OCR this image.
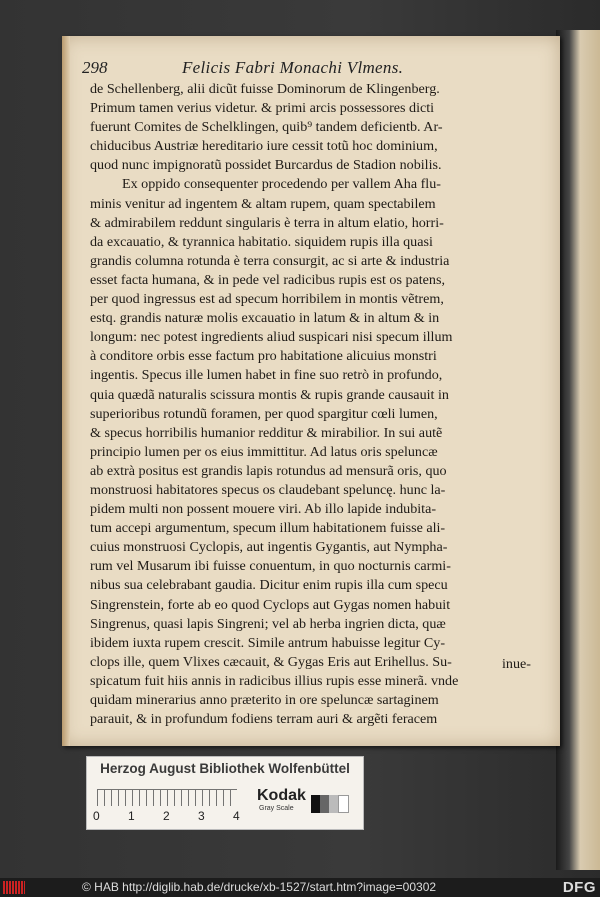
298	Felicis Fabri Monachi Vlmens.
de Schellenberg, alii dicũt fuisse Dominorum de Klingenberg.
Primum tamen verius videtur. & primi arcis possessores dicti
fuerunt Comites de Schelklingen, quib⁹ tandem deficientb. Ar-
chiducibus Austriæ hereditario iure cessit totũ hoc dominium,
quod nunc impignoratũ possidet Burcardus de Stadion nobilis.
Ex oppido consequenter procedendo per vallem Aha flu-
minis venitur ad ingentem & altam rupem, quam spectabilem
& admirabilem reddunt singularis è terra in altum elatio, horri-
da excauatio, & tyrannica habitatio. siquidem rupis illa quasi
grandis columna rotunda è terra consurgit, ac si arte & industria
esset facta humana, & in pede vel radicibus rupis est os patens,
per quod ingressus est ad specum horribilem in montis vẽtrem,
estq. grandis naturæ molis excauatio in latum & in altum & in
longum: nec potest ingredients aliud suspicari nisi specum illum
à conditore orbis esse factum pro habitatione alicuius monstri
ingentis. Specus ille lumen habet in fine suo retrò in profundo,
quia quædã naturalis scissura montis & rupis grande causauit in
superioribus rotundũ foramen, per quod spargitur cœli lumen,
& specus horribilis humanior redditur & mirabilior. In sui autẽ
principio lumen per os eius immittitur. Ad latus oris speluncæ
ab extrà positus est grandis lapis rotundus ad mensurã oris, quo
monstruosi habitatores specus os claudebant speluncę. hunc la-
pidem multi non possent mouere viri. Ab illo lapide indubita-
tum accepi argumentum, specum illum habitationem fuisse ali-
cuius monstruosi Cyclopis, aut ingentis Gygantis, aut Nympha-
rum vel Musarum ibi fuisse conuentum, in quo nocturnis carmi-
nibus sua celebrabant gaudia. Dicitur enim rupis illa cum specu
Singrenstein, forte ab eo quod Cyclops aut Gygas nomen habuit
Singrenus, quasi lapis Singreni; vel ab herba ingrien dicta, quæ
ibidem iuxta rupem crescit. Simile antrum habuisse legitur Cy-
clops ille, quem Vlixes cæcauit, & Gygas Eris aut Erihellus. Su-
spicatum fuit hiis annis in radicibus illius rupis esse minerã. vnde
quidam minerarius anno præterito in ore speluncæ sartaginem
parauit, & in profundum fodiens terram auri & argẽti feracem
inue-
Herzog August Bibliothek Wolfenbüttel
0 1 2 3 4
Kodak
Gray Scale
© HAB http://diglib.hab.de/drucke/xb-1527/start.htm?image=00302	DFG
